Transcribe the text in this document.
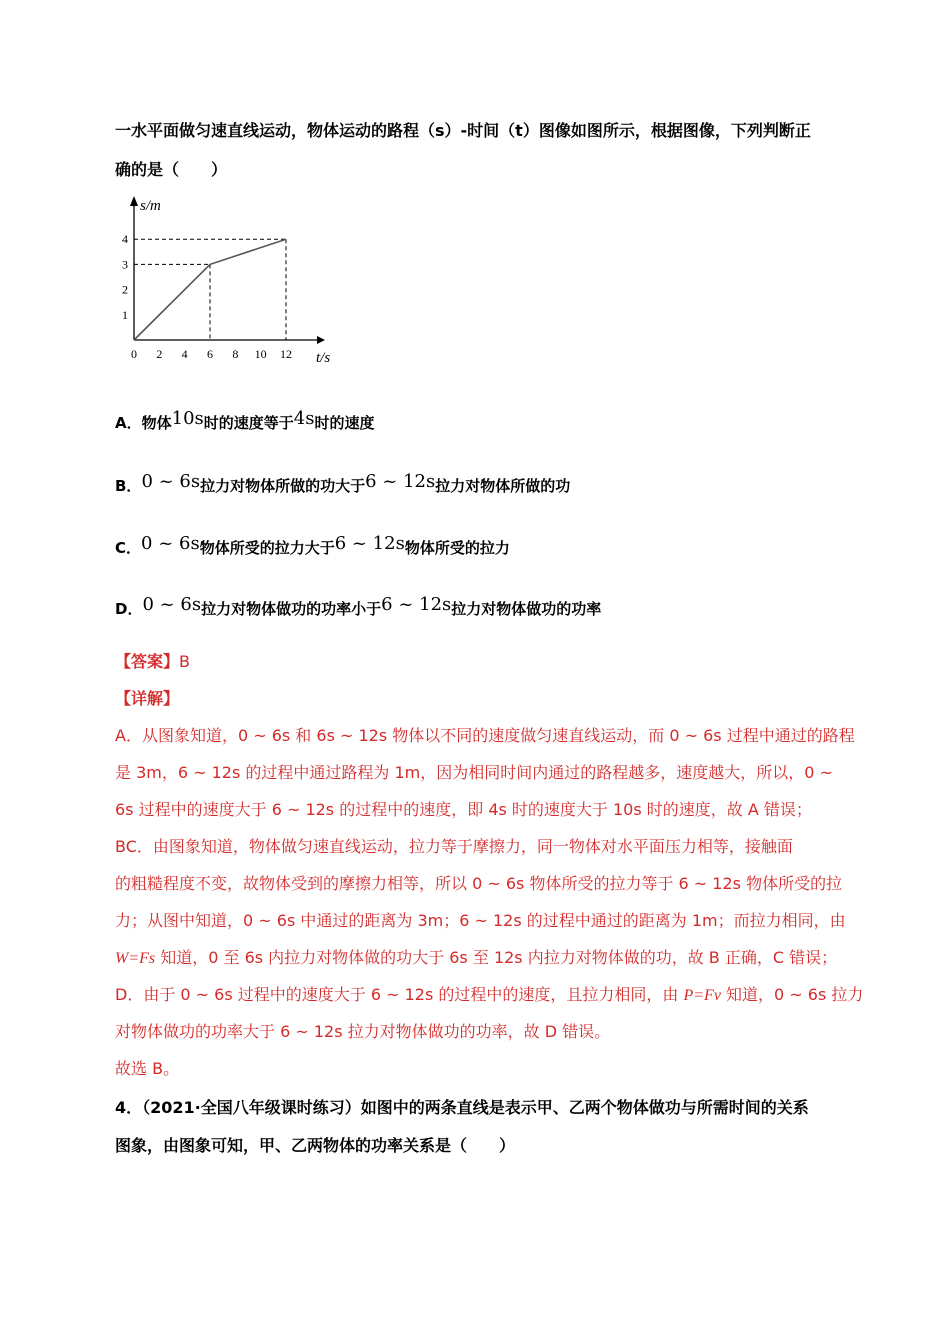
一水平面做匀速直线运动，物体运动的路程（s）-时间（t）图像如图所示，根据图像，下列判断正
确的是（　　）
0 2 4 6 8 10 12
1
2
3
4
s/m
t/s
A．物体10s时的速度等于4s时的速度
B．0 ~ 6s拉力对物体所做的功大于6 ~ 12s拉力对物体所做的功
C．0 ~ 6s物体所受的拉力大于6 ~ 12s物体所受的拉力
D．0 ~ 6s拉力对物体做功的功率小于6 ~ 12s拉力对物体做功的功率
【答案】B
【详解】
A．从图象知道，0 ~ 6s 和 6s ~ 12s 物体以不同的速度做匀速直线运动，而 0 ~ 6s 过程中通过的路程
是 3m，6 ~ 12s 的过程中通过路程为 1m，因为相同时间内通过的路程越多，速度越大，所以，0 ~
6s 过程中的速度大于 6 ~ 12s 的过程中的速度，即 4s 时的速度大于 10s 时的速度，故 A 错误；
BC．由图象知道，物体做匀速直线运动，拉力等于摩擦力，同一物体对水平面压力相等，接触面
的粗糙程度不变，故物体受到的摩擦力相等，所以 0 ~ 6s 物体所受的拉力等于 6 ~ 12s 物体所受的拉
力；从图中知道，0 ~ 6s 中通过的距离为 3m；6 ~ 12s 的过程中通过的距离为 1m；而拉力相同，由
W=Fs 知道，0 至 6s 内拉力对物体做的功大于 6s 至 12s 内拉力对物体做的功，故 B 正确，C 错误；
D．由于 0 ~ 6s 过程中的速度大于 6 ~ 12s 的过程中的速度，且拉力相同，由 P=Fv 知道，0 ~ 6s 拉力
对物体做功的功率大于 6 ~ 12s 拉力对物体做功的功率，故 D 错误。
故选 B。
4．（2021·全国八年级课时练习）如图中的两条直线是表示甲、乙两个物体做功与所需时间的关系
图象，由图象可知，甲、乙两物体的功率关系是（　　）
